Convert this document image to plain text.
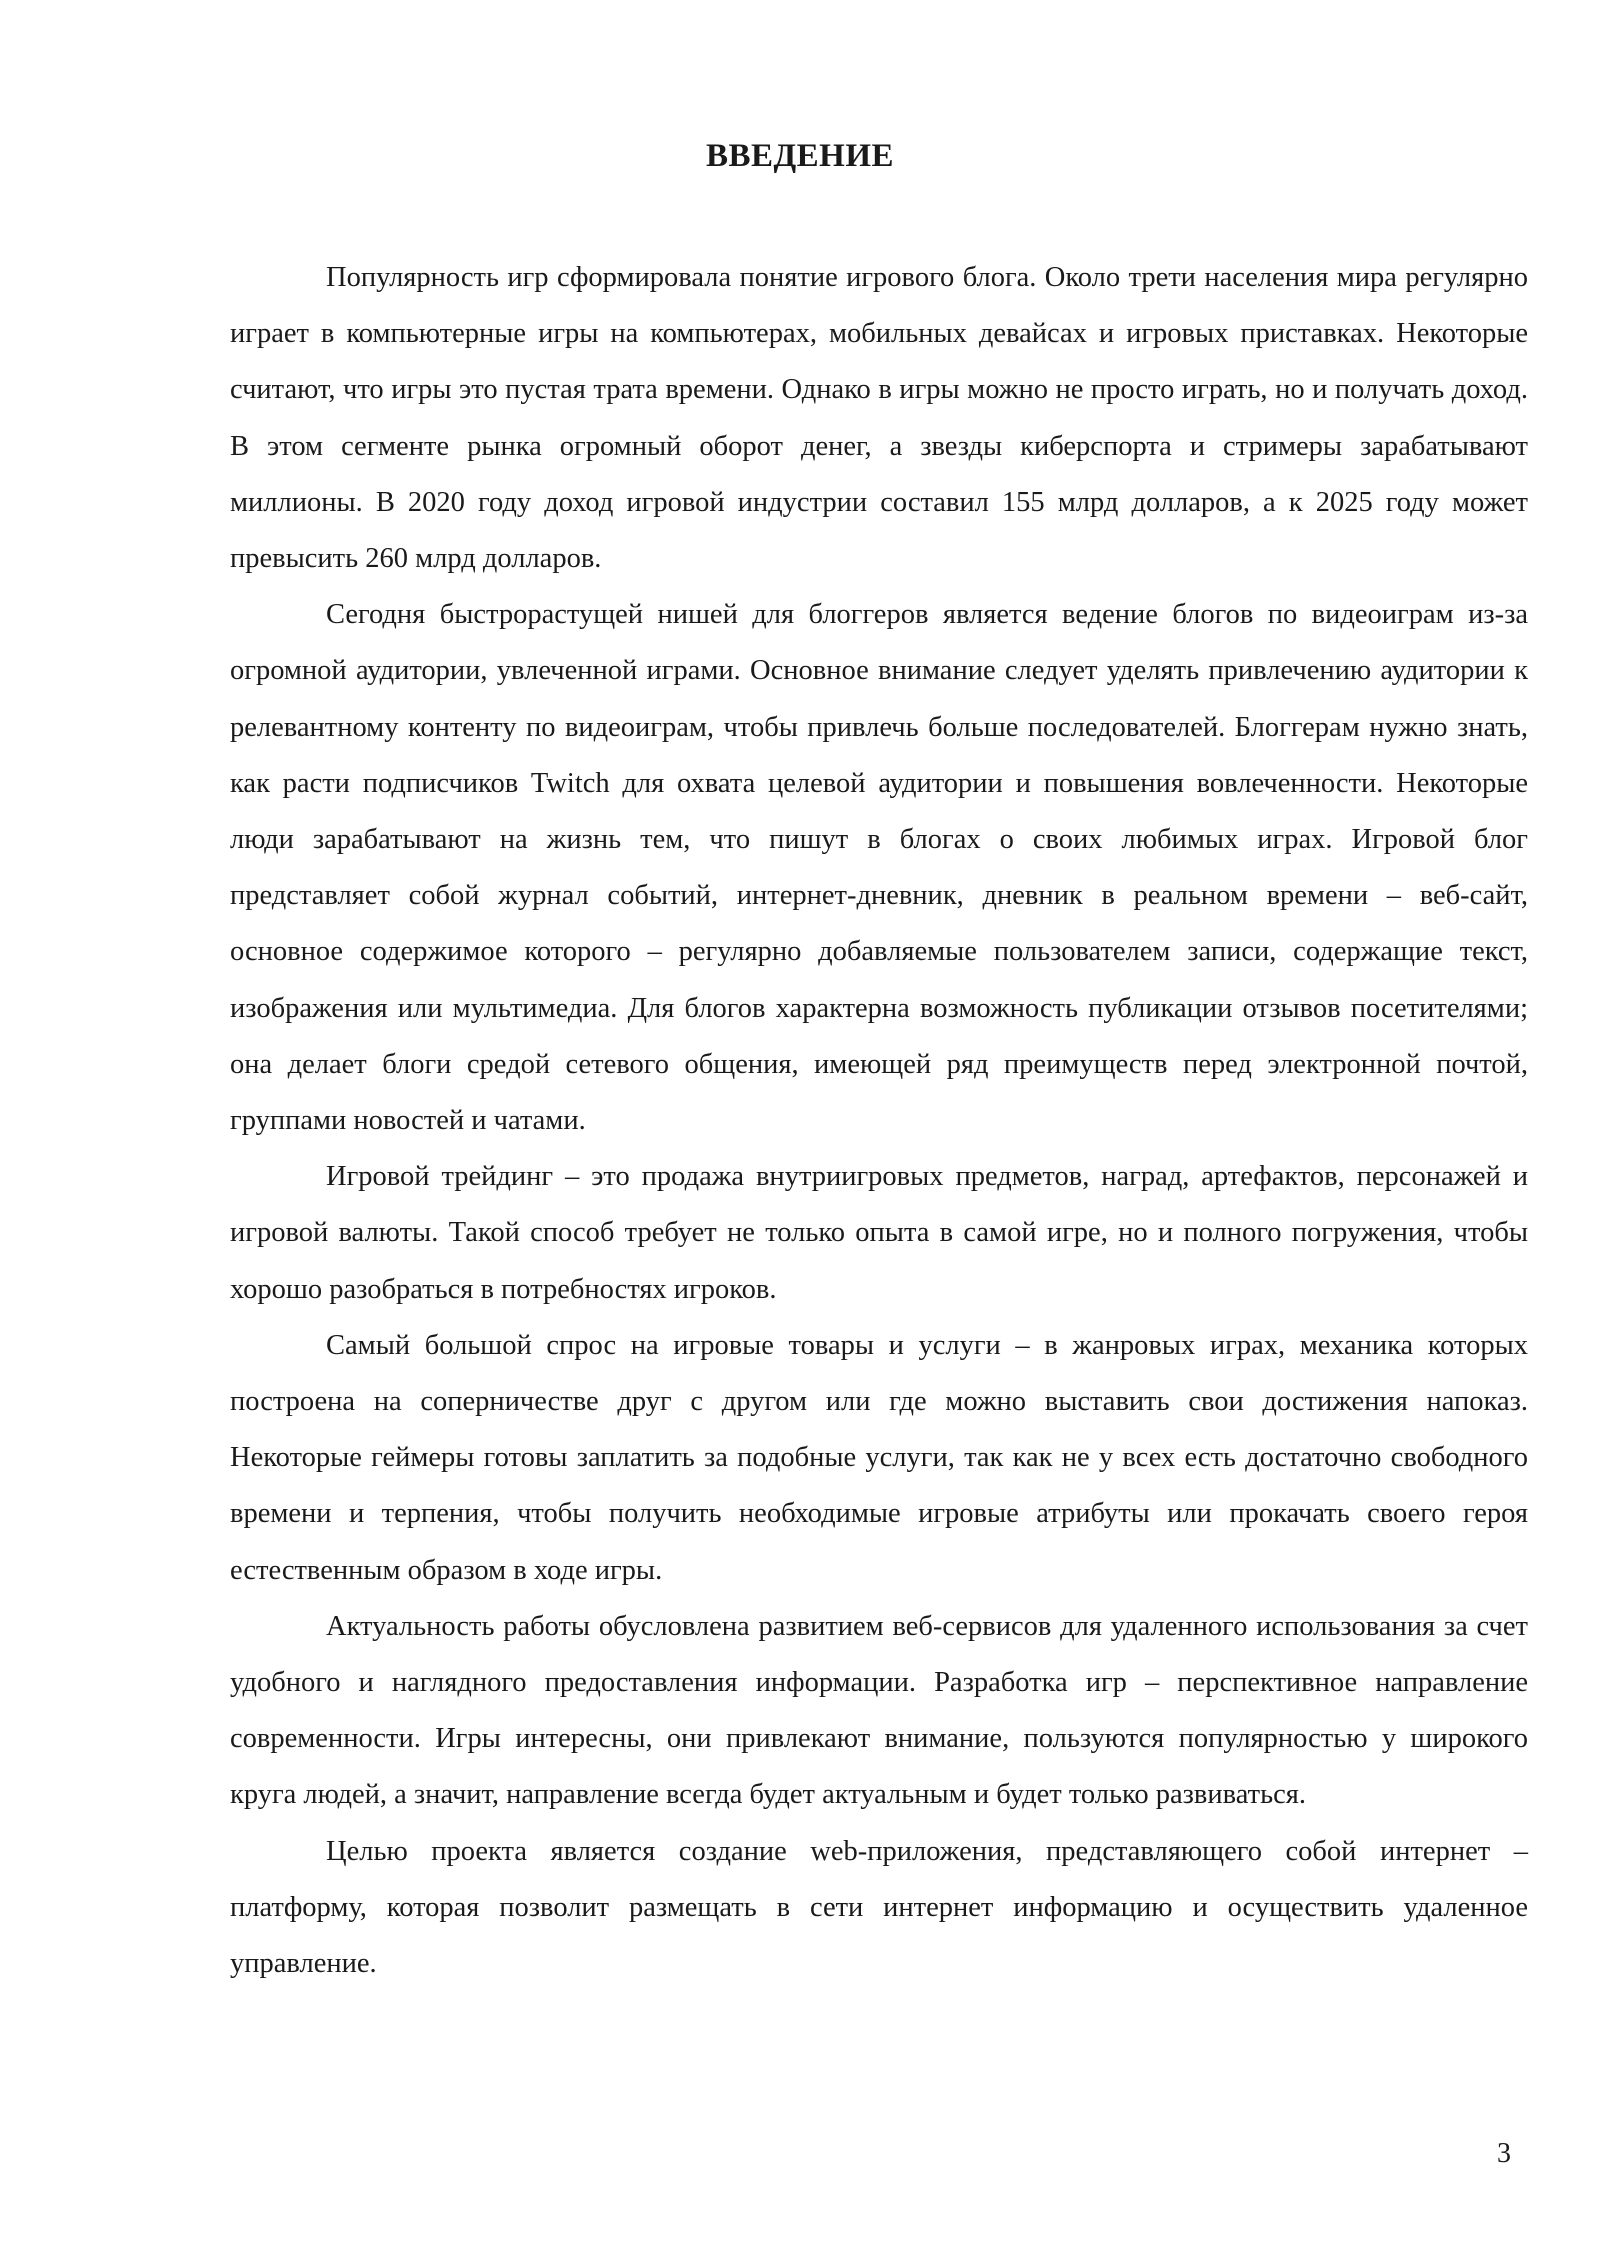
ВВЕДЕНИЕ

Популярность игр сформировала понятие игрового блога. Около трети населения мира регулярно играет в компьютерные игры на компьютерах, мобильных девайсах и игровых приставках. Некоторые считают, что игры это пустая трата времени. Однако в игры можно не просто играть, но и получать доход. В этом сегменте рынка огромный оборот денег, а звезды киберспорта и стримеры зарабатывают миллионы. В 2020 году доход игровой индустрии составил 155 млрд долларов, а к 2025 году может превысить 260 млрд долларов.

Сегодня быстрорастущей нишей для блоггеров является ведение блогов по видеоиграм из-за огромной аудитории, увлеченной играми. Основное внимание следует уделять привлечению аудитории к релевантному контенту по видеоиграм, чтобы привлечь больше последователей. Блоггерам нужно знать, как расти подписчиков Twitch для охвата целевой аудитории и повышения вовлеченности. Некоторые люди зарабатывают на жизнь тем, что пишут в блогах о своих любимых играх. Игровой блог представляет собой журнал событий, интернет-дневник, дневник в реальном времени – веб-сайт, основное содержимое которого – регулярно добавляемые пользователем записи, содержащие текст, изображения или мультимедиа. Для блогов характерна возможность публикации отзывов посетителями; она делает блоги средой сетевого общения, имеющей ряд преимуществ перед электронной почтой, группами новостей и чатами.

Игровой трейдинг – это продажа внутриигровых предметов, наград, артефактов, персонажей и игровой валюты. Такой способ требует не только опыта в самой игре, но и полного погружения, чтобы хорошо разобраться в потребностях игроков.

Самый большой спрос на игровые товары и услуги – в жанровых играх, механика которых построена на соперничестве друг с другом или где можно выставить свои достижения напоказ. Некоторые геймеры готовы заплатить за подобные услуги, так как не у всех есть достаточно свободного времени и терпения, чтобы получить необходимые игровые атрибуты или прокачать своего героя естественным образом в ходе игры.

Актуальность работы обусловлена развитием веб-сервисов для удаленного использования за счет удобного и наглядного предоставления информации. Разработка игр – перспективное направление современности. Игры интересны, они привлекают внимание, пользуются популярностью у широкого круга людей, а значит, направление всегда будет актуальным и будет только развиваться.

Целью проекта является создание web-приложения, представляющего собой интернет – платформу, которая позволит размещать в сети интернет информацию и осуществить удаленное управление.

3
